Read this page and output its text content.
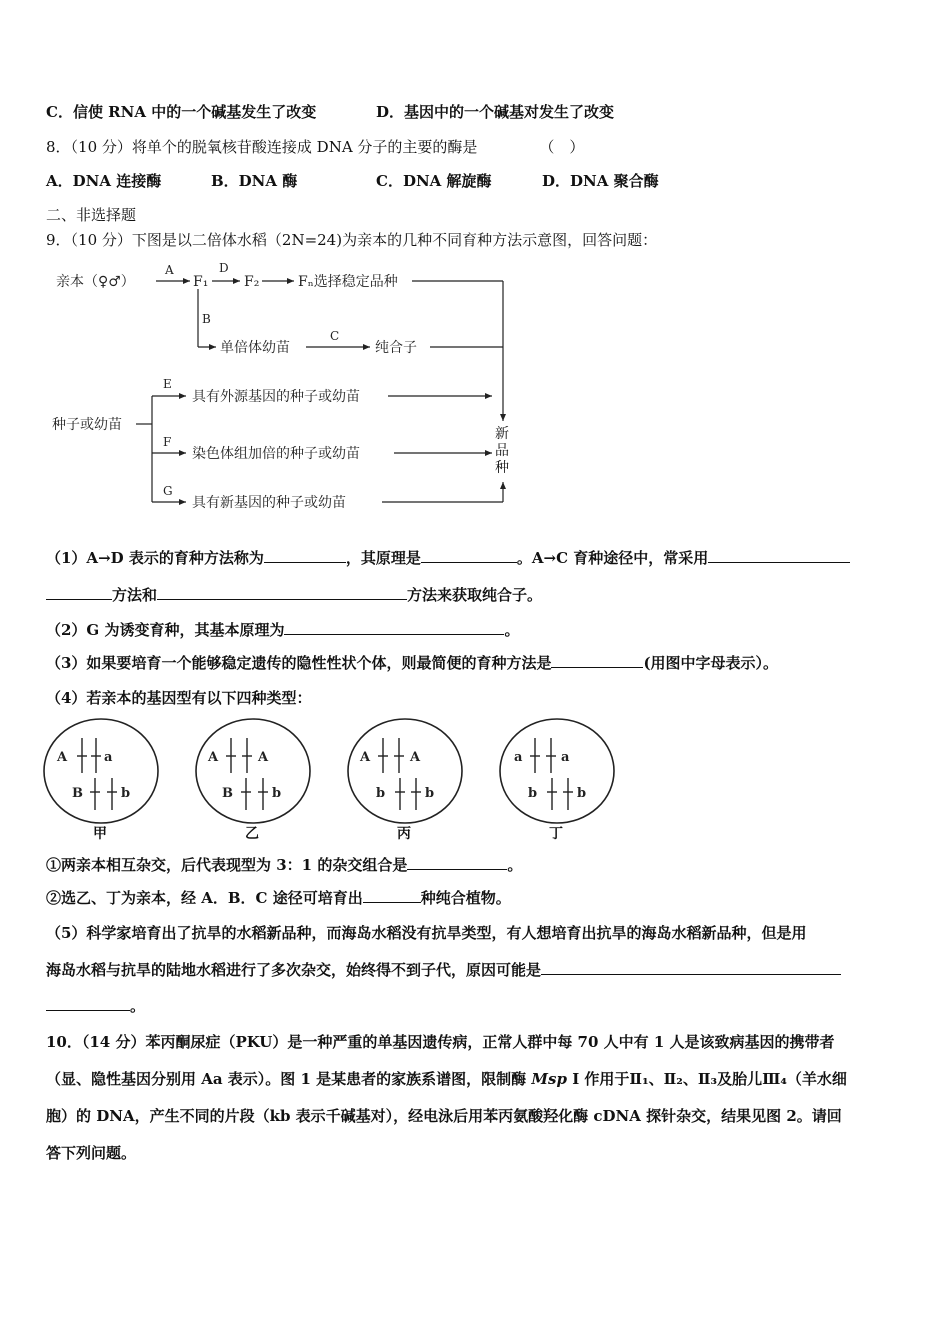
C．信使 RNA 中的一个碱基发生了改变	D．基因中的一个碱基对发生了改变
8．（10 分）将单个的脱氧核苷酸连接成 DNA 分子的主要的酶是	（　）
A．DNA 连接酶	B．DNA 酶	C．DNA 解旋酶	D．DNA 聚合酶
二、非选择题
9．（10 分）下图是以二倍体水稻（2N=24)为亲本的几种不同育种方法示意图，回答问题：
亲本（♀♂）	F₁	F₂	Fₙ选择稳定品种
单倍体幼苗	纯合子
种子或幼苗
具有外源基因的种子或幼苗
染色体组加倍的种子或幼苗
具有新基因的种子或幼苗
A	D
B
C
E
F
G
新品种
（1）A→D 表示的育种方法称为	，其原理是	。A→C 育种途径中，常采用
方法和	方法来获取纯合子。
（2）G 为诱变育种，其基本原理为	。
（3）如果要培育一个能够稳定遗传的隐性性状个体，则最简便的育种方法是	(用图中字母表示）。
（4）若亲本的基因型有以下四种类型：
A	a
B	b
A	A
B	b
A	A
b	b
a	a
b	b
甲	乙	丙	丁
①两亲本相互杂交，后代表现型为 3：1 的杂交组合是	。
②选乙、丁为亲本，经 A．B．C 途径可培育出	种纯合植物。
（5）科学家培育出了抗旱的水稻新品种，而海岛水稻没有抗旱类型，有人想培育出抗旱的海岛水稻新品种，但是用
海岛水稻与抗旱的陆地水稻进行了多次杂交，始终得不到子代，原因可能是
。
10．（14 分）苯丙酮尿症（PKU）是一种严重的单基因遗传病，正常人群中每 70 人中有 1 人是该致病基因的携带者
（显、隐性基因分别用 Aa 表示）。图 1 是某患者的家族系谱图，限制酶 Msp I 作用于Ⅱ₁、Ⅱ₂、Ⅱ₃及胎儿Ⅲ₄（羊水细
胞）的 DNA，产生不同的片段（kb 表示千碱基对），经电泳后用苯丙氨酸羟化酶 cDNA 探针杂交，结果见图 2。请回
答下列问题。
